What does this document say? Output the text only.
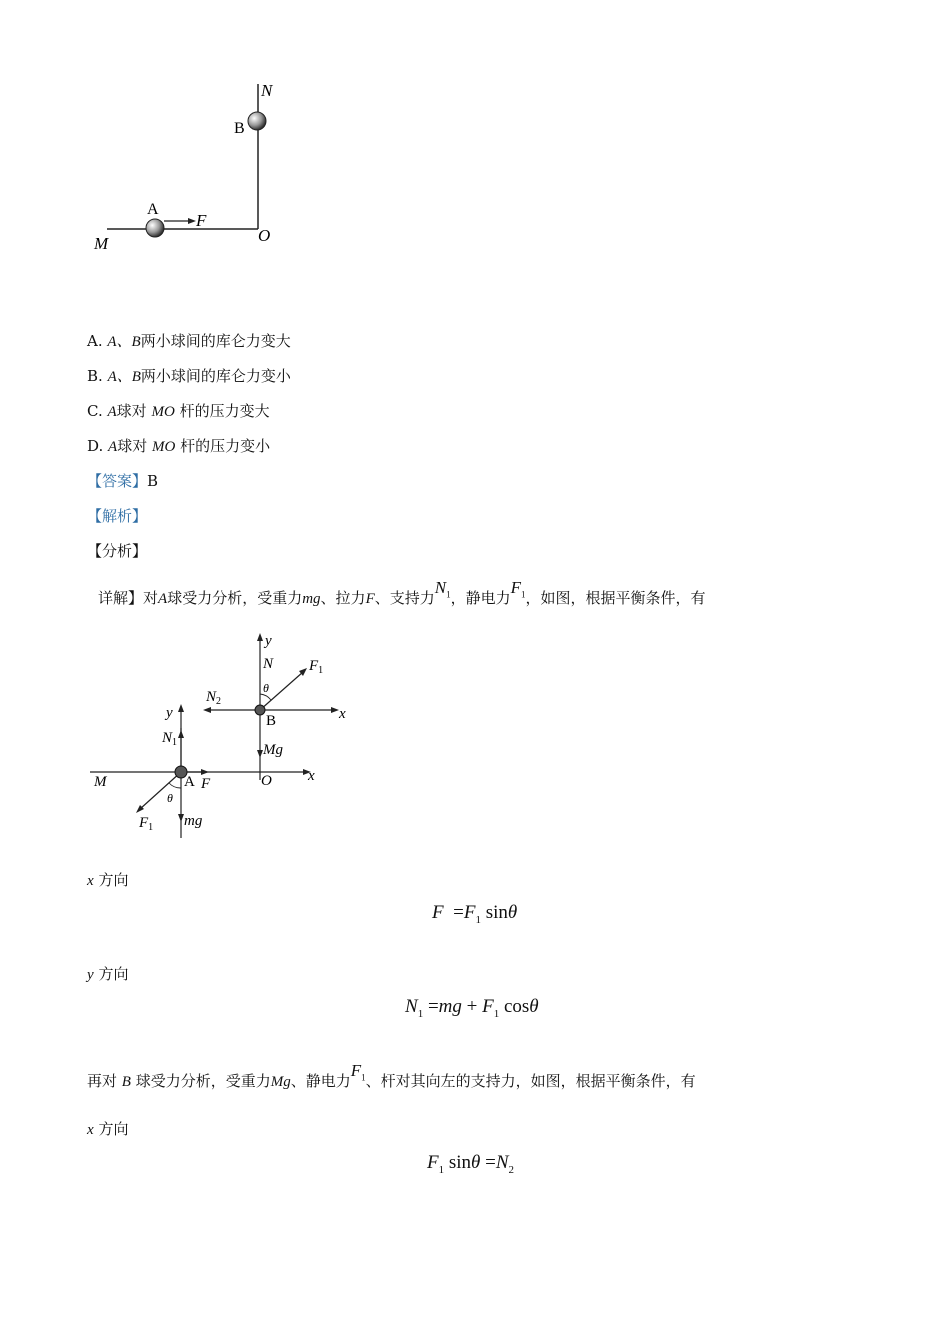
N
B
A
F
M	O
A. A、B两小球间的库仑力变大
B. A、B两小球间的库仑力变小
C. A球对 MO 杆的压力变大
D. A球对 MO 杆的压力变小
【答案】B
【解析】
【分析】
详解】对A球受力分析，受重力mg、拉力F、支持力$N_1$，静电力$F_1$，如图，根据平衡条件，有
y
N $F_1$
θ
$N_2$
B	x
Mg
y
$N_1$
M	A F	O x
θ
$F_1$ mg
x 方向
$F =F_1$ sinθ
y 方向
$N_1 =mg + F_1$ cosθ
再对 B 球受力分析，受重力Mg、静电力$F_1$、杆对其向左的支持力，如图，根据平衡条件，有
x 方向
$F_1$ $\sin\theta =N_2$
